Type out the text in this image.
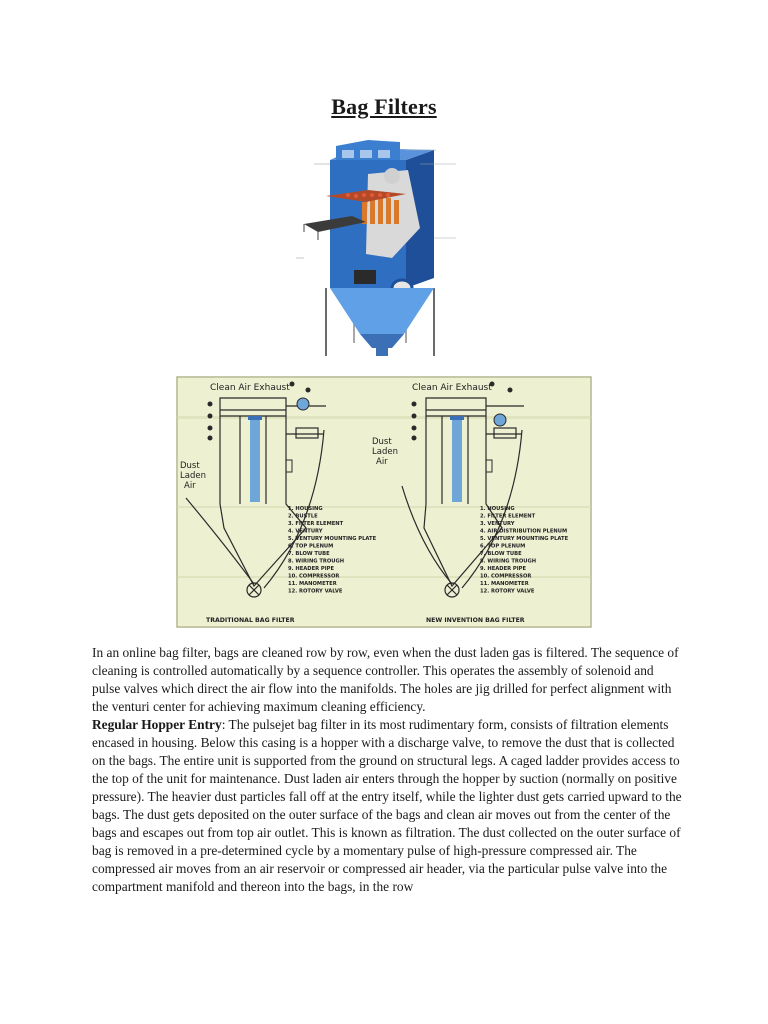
Bag Filters
Clean Air Exhaust
Dust
Laden
Air
1. HOUSING
2. BUSTLE
3. FILTER ELEMENT
4. VENTURY
5. VENTURY MOUNTING PLATE
6. TOP PLENUM
7. BLOW TUBE
8. WIRING TROUGH
9. HEADER PIPE
10. COMPRESSOR
11. MANOMETER
12. ROTORY VALVE
TRADITIONAL BAG FILTER
Clean Air Exhaust
Dust
Laden
Air
1. HOUSING
2. FILTER ELEMENT
3. VENTURY
4. AIR DISTRIBUTION PLENUM
5. VENTURY MOUNTING PLATE
6. TOP PLENUM
7. BLOW TUBE
8. WIRING TROUGH
9. HEADER PIPE
10. COMPRESSOR
11. MANOMETER
12. ROTORY VALVE
NEW INVENTION BAG FILTER

In an online bag filter, bags are cleaned row by row, even when the dust laden gas is filtered. The sequence of cleaning is controlled automatically by a sequence controller. This operates the assembly of solenoid and pulse valves which direct the air flow into the manifolds. The holes are jig drilled for perfect alignment with the venturi center for achieving maximum cleaning efficiency.

Regular Hopper Entry: The pulsejet bag filter in its most rudimentary form, consists of filtration elements encased in housing. Below this casing is a hopper with a discharge valve, to remove the dust that is collected on the bags. The entire unit is supported from the ground on structural legs. A caged ladder provides access to the top of the unit for maintenance. Dust laden air enters through the hopper by suction (normally on positive pressure). The heavier dust particles fall off at the entry itself, while the lighter dust gets carried upward to the bags. The dust gets deposited on the outer surface of the bags and clean air moves out from the center of the bags and escapes out from top air outlet. This is known as filtration. The dust collected on the outer surface of bag is removed in a pre-determined cycle by a momentary pulse of high-pressure compressed air. The compressed air moves from an air reservoir or compressed air header, via the particular pulse valve into the compartment manifold and thereon into the bags, in the row
